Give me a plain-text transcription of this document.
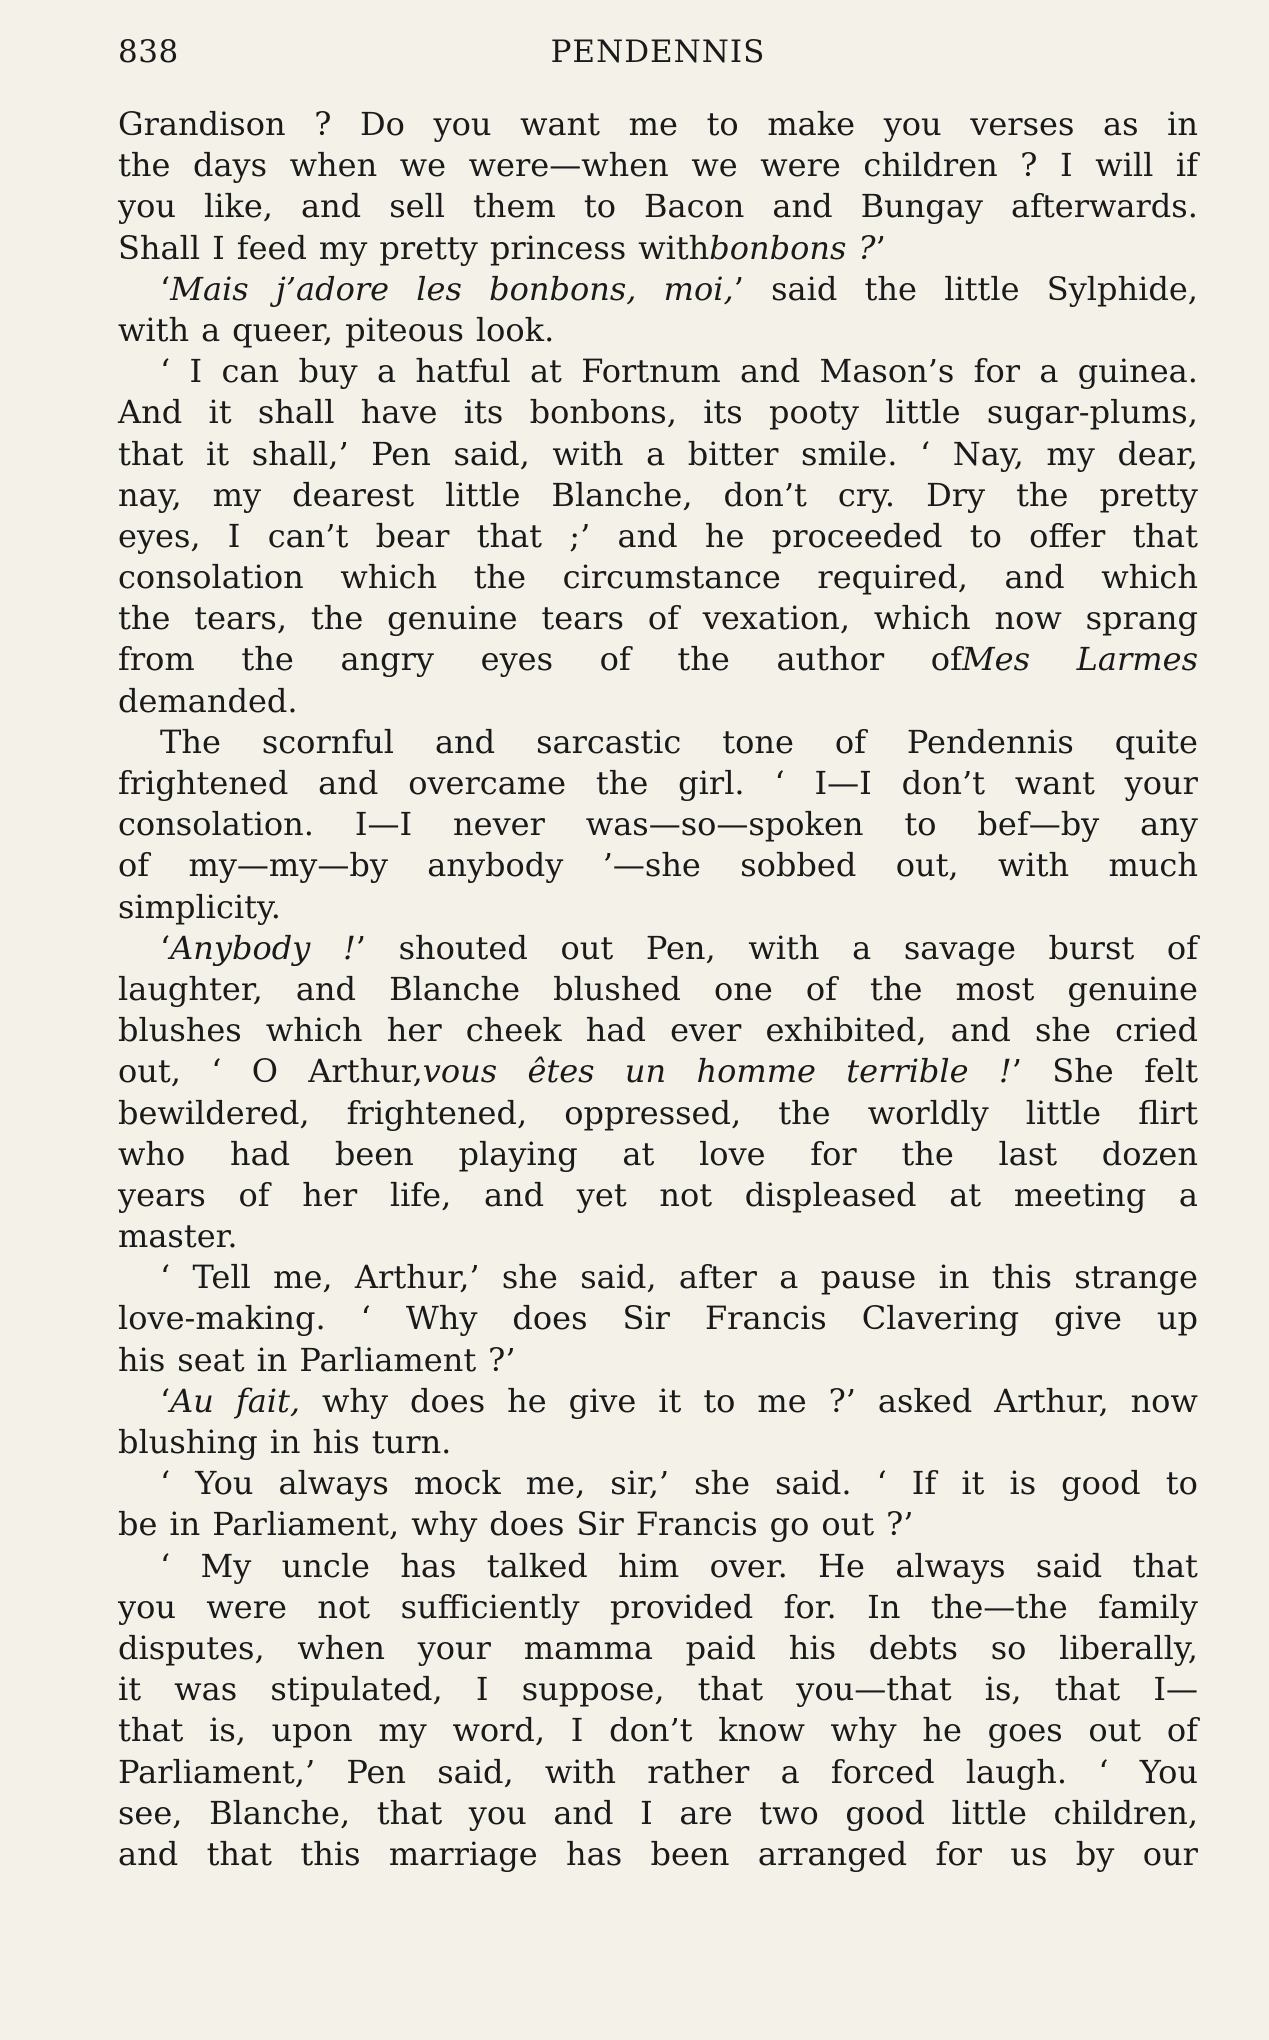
838	PENDENNIS
Grandison ? Do you want me to make you verses as in
the days when we were—when we were children ? I will if
you like, and sell them to Bacon and Bungay afterwards.
Shall I feed my pretty princess withbonbons ?’
‘Mais j’adore les bonbons, moi,’ said the little Sylphide,
with a queer, piteous look.
‘ I can buy a hatful at Fortnum and Mason’s for a guinea.
And it shall have its bonbons, its pooty little sugar-plums,
that it shall,’ Pen said, with a bitter smile. ‘ Nay, my dear,
nay, my dearest little Blanche, don’t cry. Dry the pretty
eyes, I can’t bear that ;’ and he proceeded to offer that
consolation which the circumstance required, and which
the tears, the genuine tears of vexation, which now sprang
from the angry eyes of the author ofMes Larmes
demanded.
The scornful and sarcastic tone of Pendennis quite
frightened and overcame the girl. ‘ I—I don’t want your
consolation. I—I never was—so—spoken to bef—by any
of my—my—by anybody ’—she sobbed out, with much
simplicity.
‘Anybody !’ shouted out Pen, with a savage burst of
laughter, and Blanche blushed one of the most genuine
blushes which her cheek had ever exhibited, and she cried
out, ‘ O Arthur,vous êtes un homme terrible !’ She felt
bewildered, frightened, oppressed, the worldly little flirt
who had been playing at love for the last dozen
years of her life, and yet not displeased at meeting a
master.
‘ Tell me, Arthur,’ she said, after a pause in this strange
love-making. ‘ Why does Sir Francis Clavering give up
his seat in Parliament ?’
‘Au fait, why does he give it to me ?’ asked Arthur, now
blushing in his turn.
‘ You always mock me, sir,’ she said. ‘ If it is good to
be in Parliament, why does Sir Francis go out ?’
‘ My uncle has talked him over. He always said that
you were not sufficiently provided for. In the—the family
disputes, when your mamma paid his debts so liberally,
it was stipulated, I suppose, that you—that is, that I—
that is, upon my word, I don’t know why he goes out of
Parliament,’ Pen said, with rather a forced laugh. ‘ You
see, Blanche, that you and I are two good little children,
and that this marriage has been arranged for us by our
